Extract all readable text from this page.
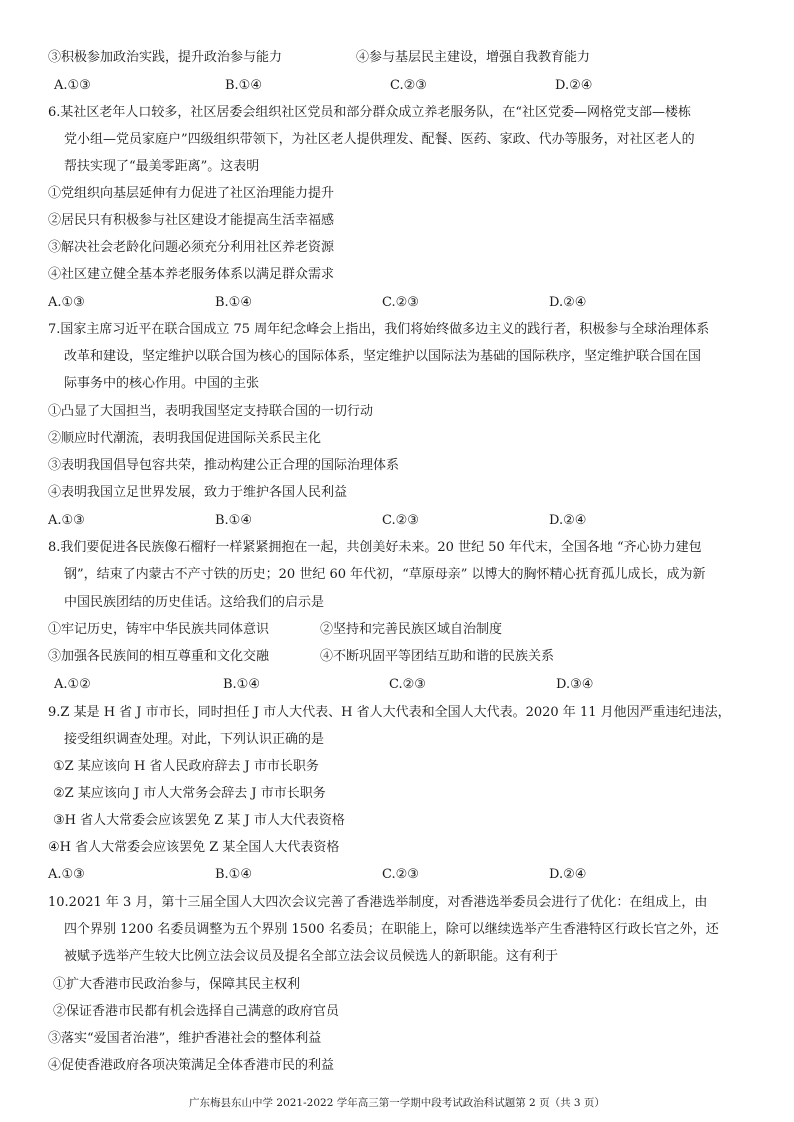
③积极参加政治实践，提升政治参与能力	④参与基层民主建设，增强自我教育能力
A.①③	B.①④	C.②③	D.②④
6.某社区老年人口较多，社区居委会组织社区党员和部分群众成立养老服务队，在“社区党委—网格党支部—楼栋
党小组—党员家庭户”四级组织带领下，为社区老人提供理发、配餐、医药、家政、代办等服务，对社区老人的
帮扶实现了“最美零距离”。这表明
①党组织向基层延伸有力促进了社区治理能力提升
②居民只有积极参与社区建设才能提高生活幸福感
③解决社会老龄化问题必须充分利用社区养老资源
④社区建立健全基本养老服务体系以满足群众需求
A.①③	B.①④	C.②③	D.②④
7.国家主席习近平在联合国成立 75 周年纪念峰会上指出，我们将始终做多边主义的践行者，积极参与全球治理体系
改革和建设，坚定维护以联合国为核心的国际体系，坚定维护以国际法为基础的国际秩序，坚定维护联合国在国
际事务中的核心作用。中国的主张
①凸显了大国担当，表明我国坚定支持联合国的一切行动
②顺应时代潮流，表明我国促进国际关系民主化
③表明我国倡导包容共荣，推动构建公正合理的国际治理体系
④表明我国立足世界发展，致力于维护各国人民利益
A.①③	B.①④	C.②③	D.②④
8.我们要促进各民族像石榴籽一样紧紧拥抱在一起，共创美好未来。20 世纪 50 年代末，全国各地 “齐心协力建包
钢”，结束了内蒙古不产寸铁的历史；20 世纪 60 年代初，“草原母亲” 以博大的胸怀精心抚育孤儿成长，成为新
中国民族团结的历史佳话。这给我们的启示是
①牢记历史，铸牢中华民族共同体意识	②坚持和完善民族区域自治制度
③加强各民族间的相互尊重和文化交融	④不断巩固平等团结互助和谐的民族关系
A.①②	B.①④	C.②③	D.③④
9.Z 某是 H 省 J 市市长，同时担任 J 市人大代表、H 省人大代表和全国人大代表。2020 年 11 月他因严重违纪违法，
接受组织调查处理。对此，下列认识正确的是
①Z 某应该向 H 省人民政府辞去 J 市市长职务
②Z 某应该向 J 市人大常务会辞去 J 市市长职务
③H 省人大常委会应该罢免 Z 某 J 市人大代表资格
④H 省人大常委会应该罢免 Z 某全国人大代表资格
A.①③	B.①④	C.②③	D.②④
10.2021 年 3 月，第十三届全国人大四次会议完善了香港选举制度，对香港选举委员会进行了优化：在组成上，由
四个界别 1200 名委员调整为五个界别 1500 名委员；在职能上，除可以继续选举产生香港特区行政长官之外，还
被赋予选举产生较大比例立法会议员及提名全部立法会议员候选人的新职能。这有利于
①扩大香港市民政治参与，保障其民主权利
②保证香港市民都有机会选择自己满意的政府官员
③落实“爱国者治港”，维护香港社会的整体利益
④促使香港政府各项决策满足全体香港市民的利益
广东梅县东山中学 2021-2022 学年高三第一学期中段考试政治科试题第 2 页（共 3 页）
